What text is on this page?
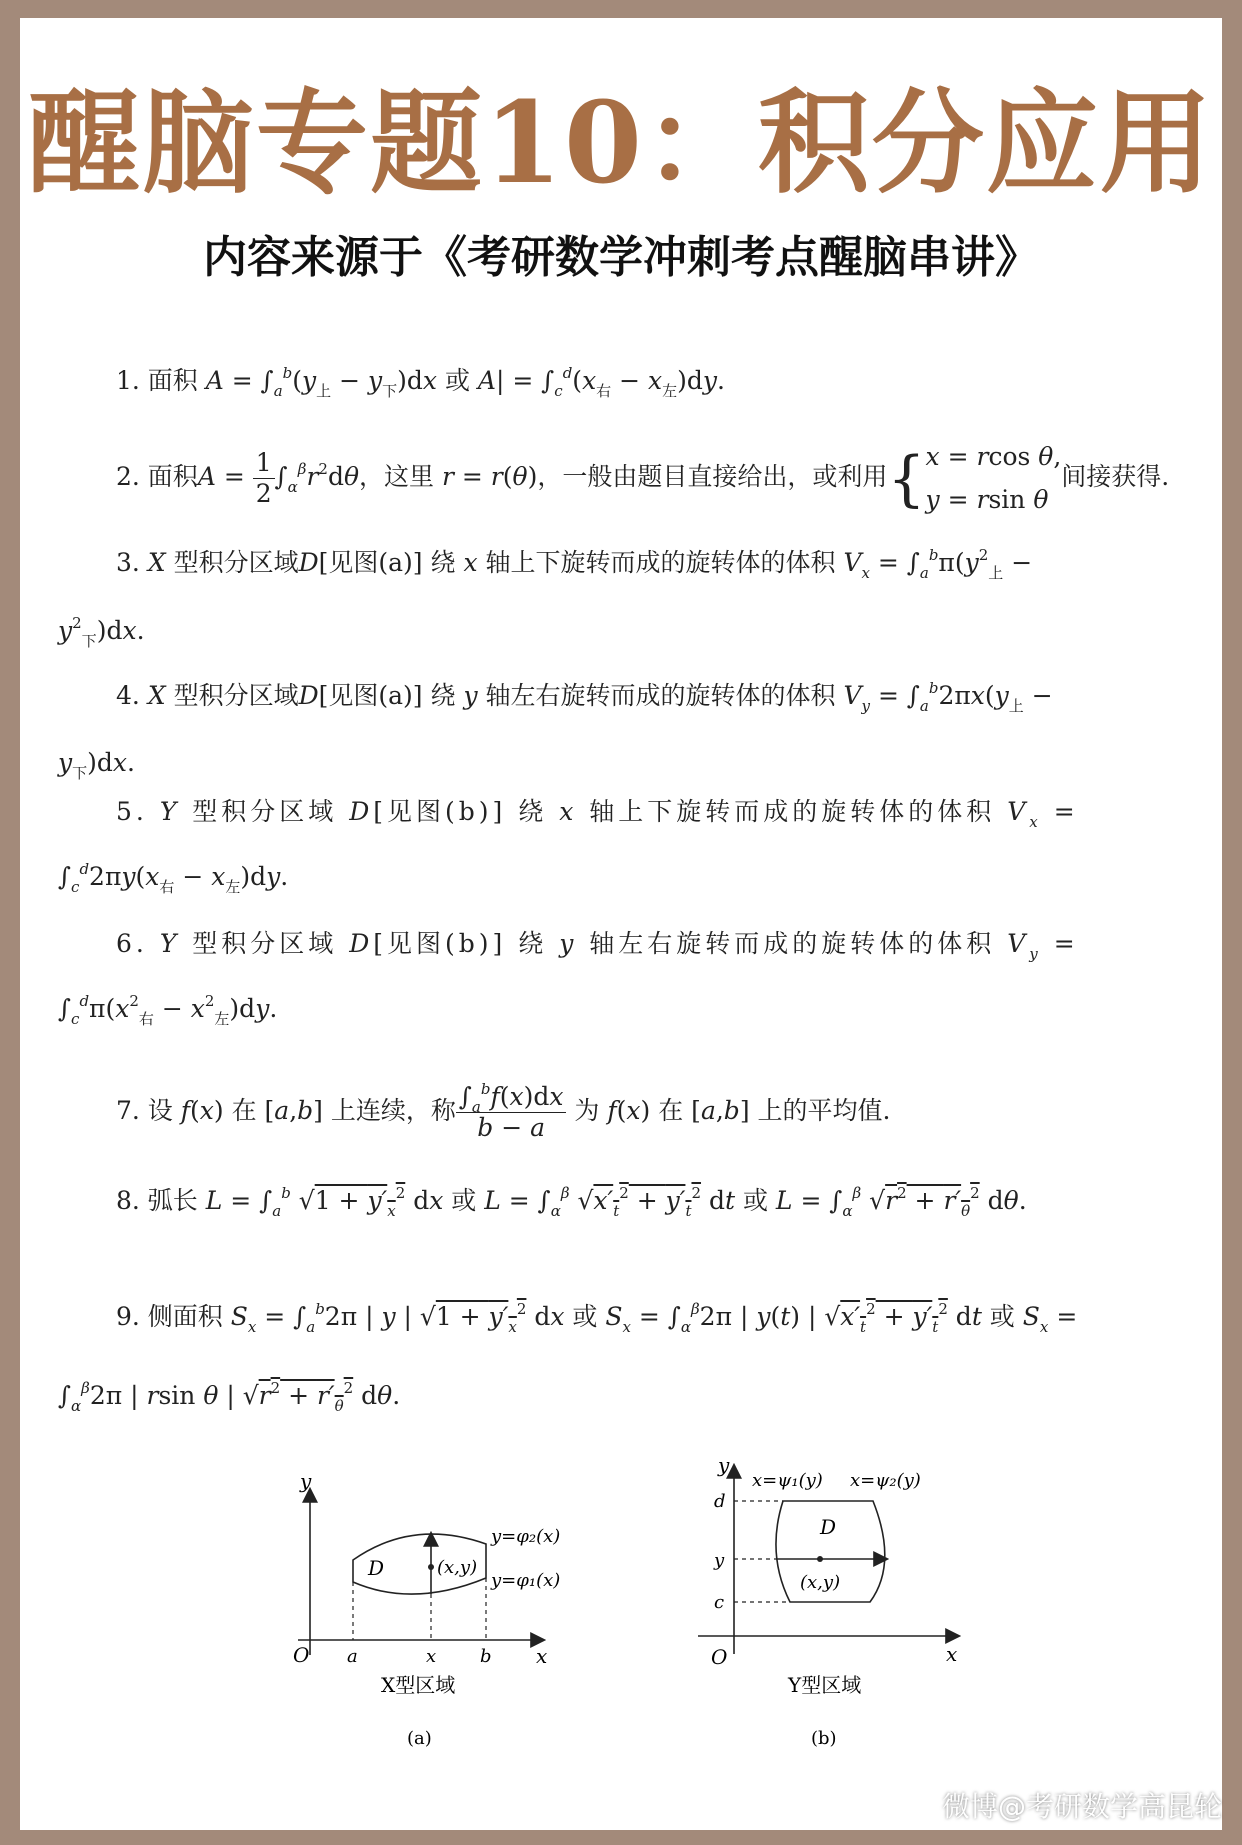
醒脑专题10：积分应用
内容来源于《考研数学冲刺考点醒脑串讲》
1. 面积 $A = \int_a^b(y_上 - y_下)dx$ 或 $A| = \int_c^d(x_右 - x_左)dy$.
2. 面积$A = \frac{1}{2} \int_\alpha^\beta r^2d\theta$，这里 r = r(θ)，一般由题目直接给出，或利用{x = rcos θ,
y = rsin θ间接获得.
3. X 型积分区域D[见图(a)] 绕 x 轴上下旋转而成的旋转体的体积 $V_x = \int_a^b\pi(y^2_上$ −
$y^2_下)dx$.
4. X 型积分区域D[见图(a)] 绕 y 轴左右旋转而成的旋转体的体积 $V_y = \int_a^b2\pi x(y_上$ −
$y_下)dx$.
5. Y 型积分区域 D[见图(b)] 绕 x 轴上下旋转而成的旋转体的体积 $V_x$ =
$\int_c^d2\pi y(x_右 - x_左)dy$.
6. Y 型积分区域 D[见图(b)] 绕 y 轴左右旋转而成的旋转体的体积 $V_y$ =
$\int_c^d\pi(x^2_右 - x^2_左)dy$.
7. 设 f(x) 在 [a,b] 上连续，称 $\frac{\int_a^bf(x)dx}{b - a}$ 为 f(x) 在 [a,b] 上的平均值.
8. 弧长 $L = \int_a^b$ $√1 + y'_x^2$ dx 或 $L = \int_\alpha^\beta$ $√x'_t^2 + y'_t^2$ dt 或 $L = \int_\alpha^\beta$ $√r^2 + r'_\theta^2$ dθ.
9. 侧面积 $S_x = \int_a^b2\pi$ | y | $√1 + y'_x^2$ dx 或 $S_x = \int_\alpha^\beta 2\pi$ | y(t) | $√x'_t^2 + y'_t^2$ dt 或 $S_x$ =
$\int_\alpha^\beta 2\pi$ | rsin θ | $√r^2 + r'_\theta^2$ dθ.
y
x
O
D	(x,y)
y=φ₂(x)
y=φ₁(x)
a	x b
X型区域
(a)
y
x
O
x=ψ₁(y) x=ψ₂(y)
D
(x,y)
d
y
c
Y型区域
(b)
微博@考研数学高昆轮
